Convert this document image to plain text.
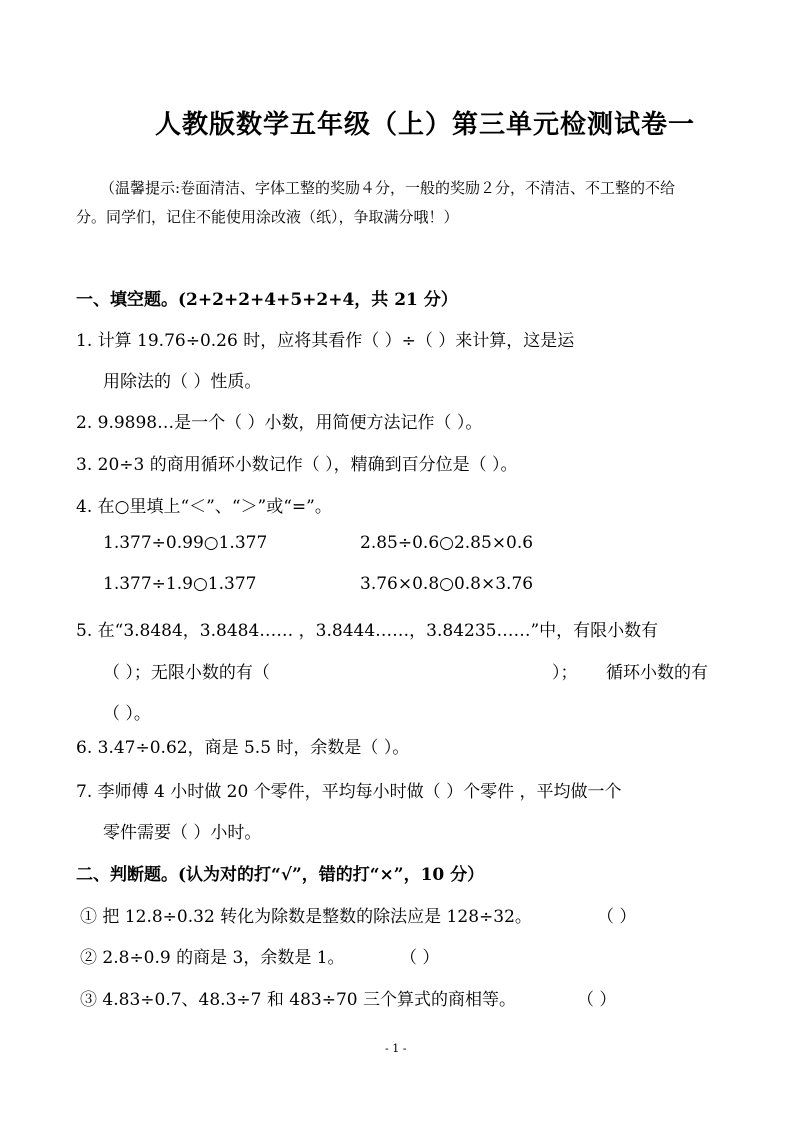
人教版数学五年级（上）第三单元检测试卷一
（温馨提示:卷面清洁、字体工整的奖励４分，一般的奖励２分，不清洁、不工整的不给
分。同学们，记住不能使用涂改液（纸），争取满分哦！）
一、填空题。(2+2+2+4+5+2+4，共 21 分）
1. 计算 19.76÷0.26 时，应将其看作（ ）÷（ ）来计算，这是运
用除法的（ ）性质。
2. 9.9898…是一个（ ）小数，用简便方法记作（ ）。
3. 20÷3 的商用循环小数记作（ ），精确到百分位是（ ）。
4. 在○里填上“＜”、“＞”或“=”。
1.377÷0.99○1.377	2.85÷0.6○2.85×0.6
1.377÷1.9○1.377	3.76×0.8○0.8×3.76
5. 在“3.8484，3.8484…… ，3.8444……，3.84235……”中，有限小数有
（ ）；无限小数的有（	）； 循环小数的有
（ ）。
6. 3.47÷0.62，商是 5.5 时，余数是（ ）。
7. 李师傅 4 小时做 20 个零件，平均每小时做（ ）个零件 ，平均做一个
零件需要（ ）小时。
二、判断题。(认为对的打“√”，错的打“×”，10 分）
① 把 12.8÷0.32 转化为除数是整数的除法应是 128÷32。	（ ）
② 2.8÷0.9 的商是 3，余数是 1。	（ ）
③ 4.83÷0.7、48.3÷7 和 483÷70 三个算式的商相等。	（ ）
- 1 -
